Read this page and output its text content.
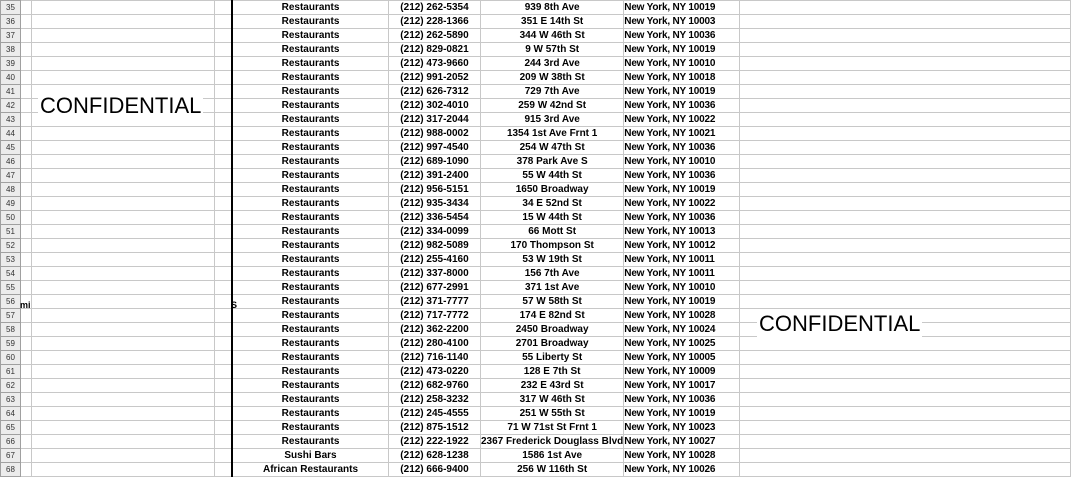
35				Restaurants	(212) 262-5354	939 8th Ave	New York, NY 10019	
36				Restaurants	(212) 228-1366	351 E 14th St	New York, NY 10003	
37				Restaurants	(212) 262-5890	344 W 46th St	New York, NY 10036	
38				Restaurants	(212) 829-0821	9 W 57th St	New York, NY 10019	
39				Restaurants	(212) 473-9660	244 3rd Ave	New York, NY 10010	
40				Restaurants	(212) 991-2052	209 W 38th St	New York, NY 10018	
41				Restaurants	(212) 626-7312	729 7th Ave	New York, NY 10019	
42				Restaurants	(212) 302-4010	259 W 42nd St	New York, NY 10036	
43				Restaurants	(212) 317-2044	915 3rd Ave	New York, NY 10022	
44				Restaurants	(212) 988-0002	1354 1st Ave Frnt 1	New York, NY 10021	
45				Restaurants	(212) 997-4540	254 W 47th St	New York, NY 10036	
46				Restaurants	(212) 689-1090	378 Park Ave S	New York, NY 10010	
47				Restaurants	(212) 391-2400	55 W 44th St	New York, NY 10036	
48				Restaurants	(212) 956-5151	1650 Broadway	New York, NY 10019	
49				Restaurants	(212) 935-3434	34 E 52nd St	New York, NY 10022	
50				Restaurants	(212) 336-5454	15 W 44th St	New York, NY 10036	
51				Restaurants	(212) 334-0099	66 Mott St	New York, NY 10013	
52				Restaurants	(212) 982-5089	170 Thompson St	New York, NY 10012	
53				Restaurants	(212) 255-4160	53 W 19th St	New York, NY 10011	
54				Restaurants	(212) 337-8000	156 7th Ave	New York, NY 10011	
55				Restaurants	(212) 677-2991	371 1st Ave	New York, NY 10010	
56				Restaurants	(212) 371-7777	57 W 58th St	New York, NY 10019	
57				Restaurants	(212) 717-7772	174 E 82nd St	New York, NY 10028	
58				Restaurants	(212) 362-2200	2450 Broadway	New York, NY 10024	
59				Restaurants	(212) 280-4100	2701 Broadway	New York, NY 10025	
60				Restaurants	(212) 716-1140	55 Liberty St	New York, NY 10005	
61				Restaurants	(212) 473-0220	128 E 7th St	New York, NY 10009	
62				Restaurants	(212) 682-9760	232 E 43rd St	New York, NY 10017	
63				Restaurants	(212) 258-3232	317 W 46th St	New York, NY 10036	
64				Restaurants	(212) 245-4555	251 W 55th St	New York, NY 10019	
65				Restaurants	(212) 875-1512	71 W 71st St Frnt 1	New York, NY 10023	
66				Restaurants	(212) 222-1922	2367 Frederick Douglass Blvd	New York, NY 10027	
67				Sushi Bars	(212) 628-1238	1586 1st Ave	New York, NY 10028	
68				African Restaurants	(212) 666-9400	256 W 116th St	New York, NY 10026	
mi	S
CONFIDENTIAL
CONFIDENTIAL
